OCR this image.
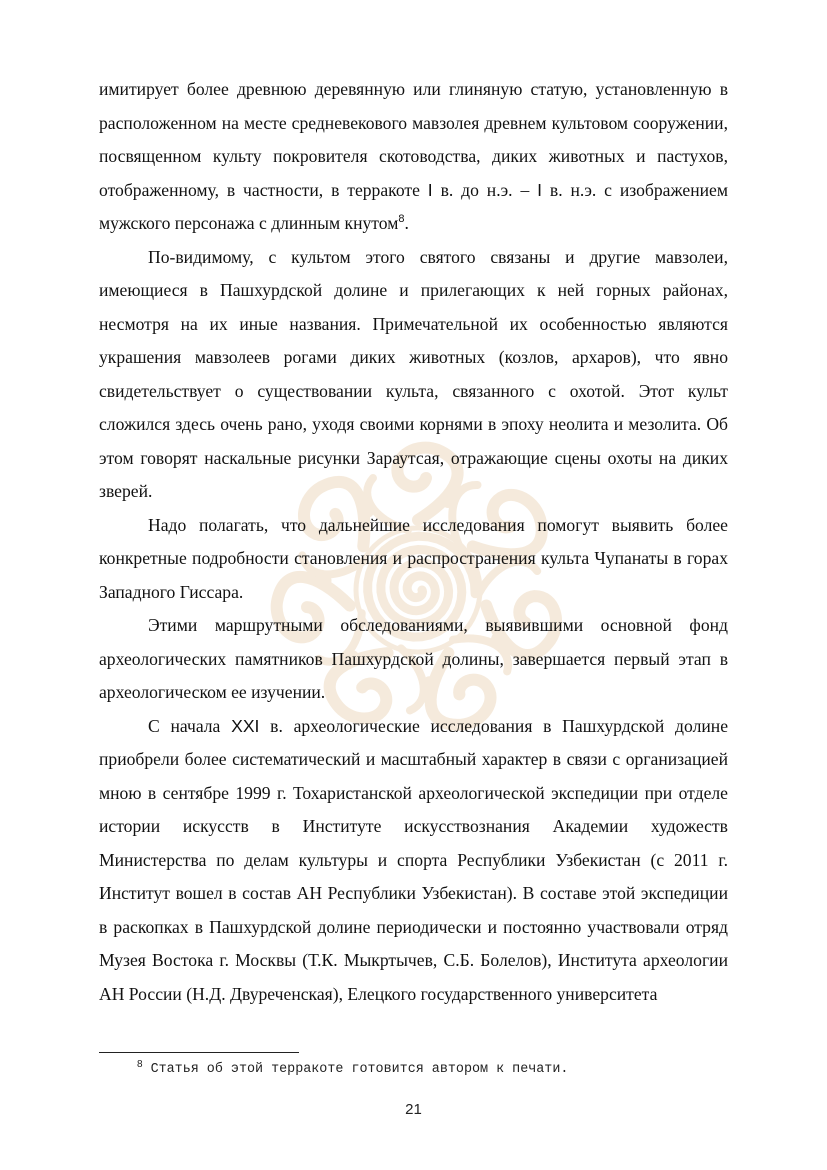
имитирует более древнюю деревянную или глиняную статую, установленную в расположенном на месте средневекового мавзолея древнем культовом сооружении, посвященном культу покровителя скотоводства, диких животных и пастухов, отображенному, в частности, в терракоте I в. до н.э. – I в. н.э. с изображением мужского персонажа с длинным кнутом$^8$.

По‑видимому, с культом этого святого связаны и другие мавзолеи, имеющиеся в Пашхурдской долине и прилегающих к ней горных районах, несмотря на их иные названия. Примечательной их особенностью являются украшения мавзолеев рогами диких животных (козлов, архаров), что явно свидетельствует о существовании культа, связанного с охотой. Этот культ сложился здесь очень рано, уходя своими корнями в эпоху неолита и мезолита. Об этом говорят наскальные рисунки Зараутсая, отражающие сцены охоты на диких зверей.

Надо полагать, что дальнейшие исследования помогут выявить более конкретные подробности становления и распространения культа Чупанаты в горах Западного Гиссара.

Этими маршрутными обследованиями, выявившими основной фонд археологических памятников Пашхурдской долины, завершается первый этап в археологическом ее изучении.

С начала XXI в. археологические исследования в Пашхурдской долине приобрели более систематический и масштабный характер в связи с организацией мною в сентябре 1999 г. Тохаристанской археологической экспедиции при отделе истории искусств в Институте искусствознания Академии художеств Министерства по делам культуры и спорта Республики Узбекистан (с 2011 г. Институт вошел в состав АН Республики Узбекистан). В составе этой экспедиции в раскопках в Пашхурдской долине периодически и постоянно участвовали отряд Музея Востока г. Москвы (Т.К. Мыкртычев, С.Б. Болелов), Института археологии АН России (Н.Д. Двуреченская), Елецкого государственного университета

$^8$ Статья об этой терракоте готовится автором к печати.
21
